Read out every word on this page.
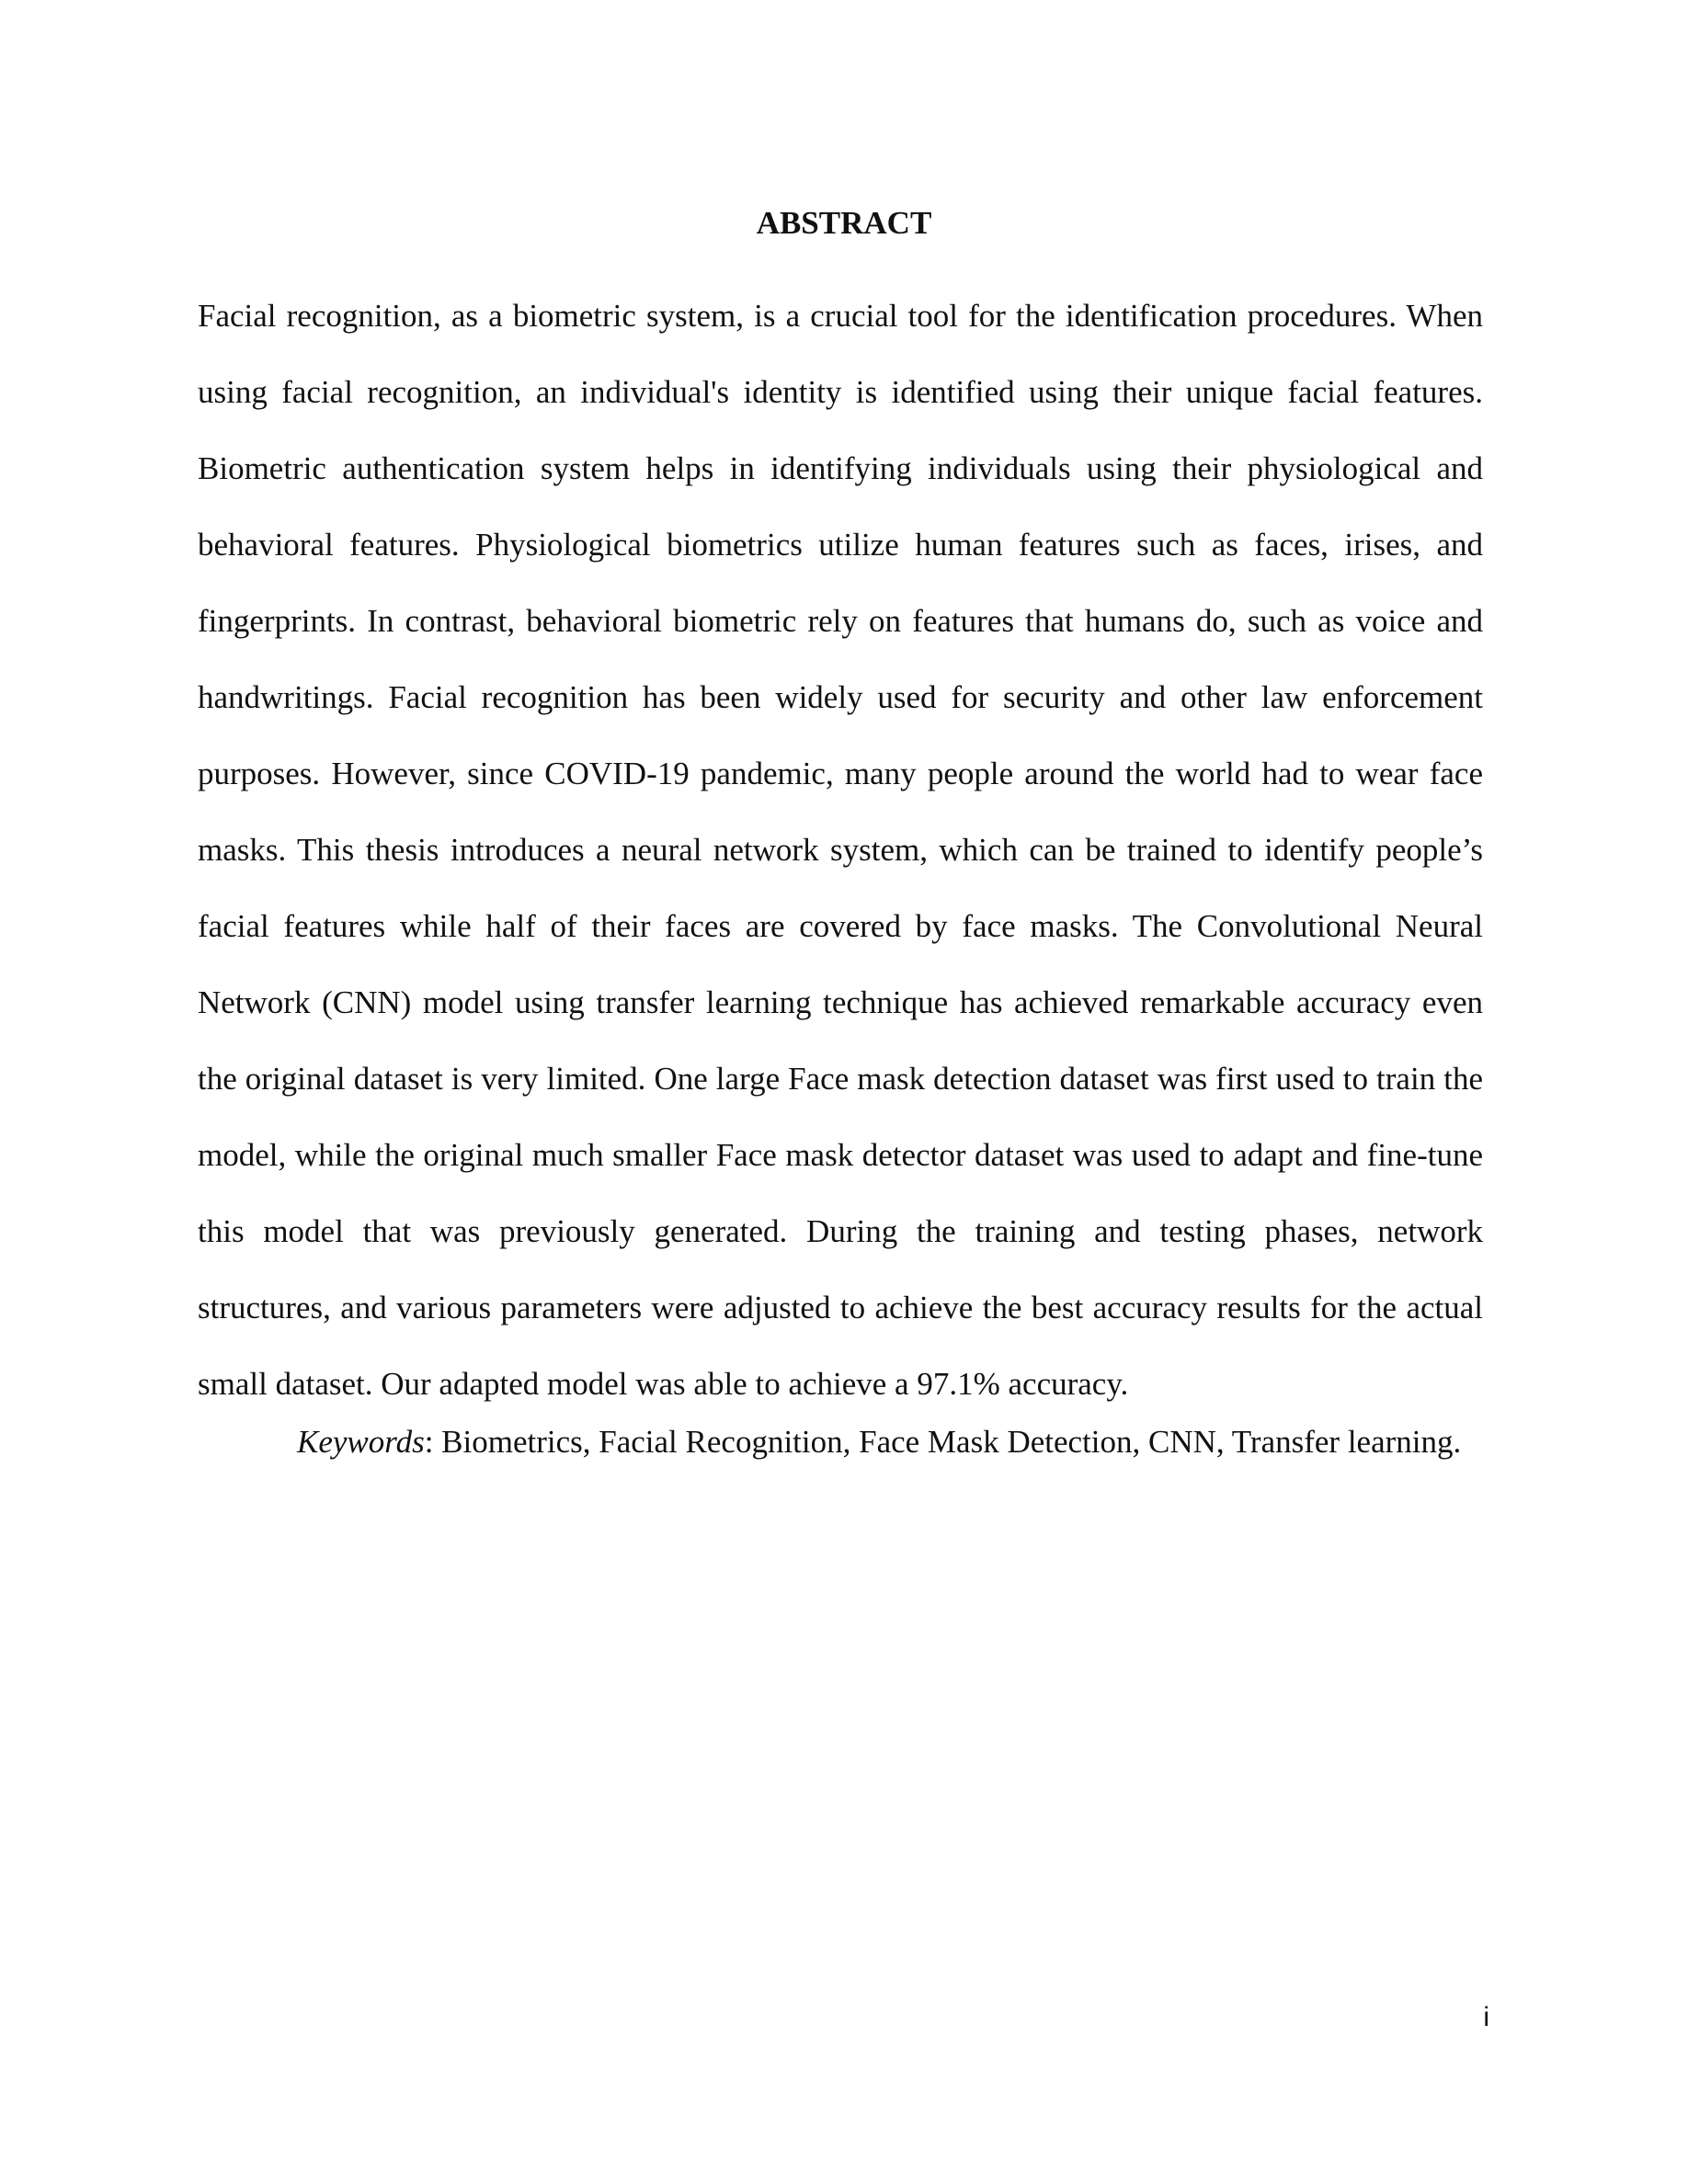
ABSTRACT

Facial recognition, as a biometric system, is a crucial tool for the identification procedures. When using facial recognition, an individual's identity is identified using their unique facial features. Biometric authentication system helps in identifying individuals using their physiological and behavioral features. Physiological biometrics utilize human features such as faces, irises, and fingerprints. In contrast, behavioral biometric rely on features that humans do, such as voice and handwritings. Facial recognition has been widely used for security and other law enforcement purposes. However, since COVID-19 pandemic, many people around the world had to wear face masks. This thesis introduces a neural network system, which can be trained to identify people’s facial features while half of their faces are covered by face masks. The Convolutional Neural Network (CNN) model using transfer learning technique has achieved remarkable accuracy even the original dataset is very limited. One large Face mask detection dataset was first used to train the model, while the original much smaller Face mask detector dataset was used to adapt and fine-tune this model that was previously generated. During the training and testing phases, network structures, and various parameters were adjusted to achieve the best accuracy results for the actual small dataset. Our adapted model was able to achieve a 97.1% accuracy.

Keywords: Biometrics, Facial Recognition, Face Mask Detection, CNN, Transfer learning.

i
